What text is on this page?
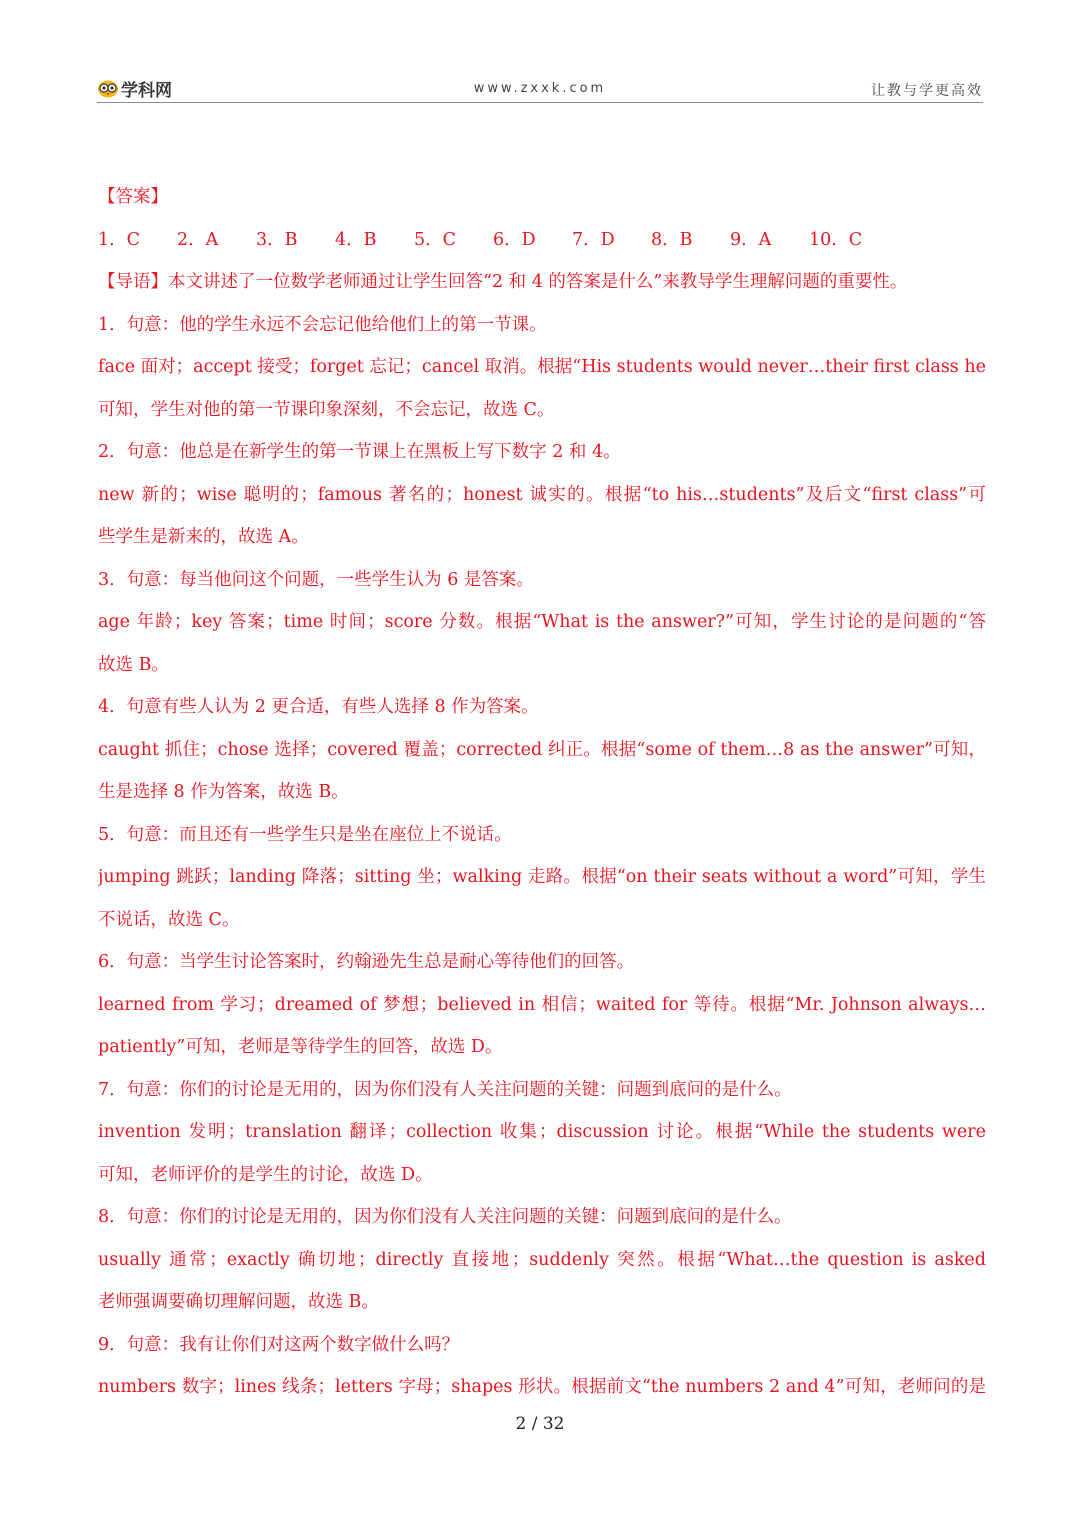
学科网	www.zxxk.com	让教与学更高效
【答案】
1．C	2．A	3．B	4．B	5．C	6．D	7．D	8．B	9．A	10．C
【导语】本文讲述了一位数学老师通过让学生回答“2 和 4 的答案是什么”来教导学生理解问题的重要性。
1．句意：他的学生永远不会忘记他给他们上的第一节课。
face 面对；accept 接受；forget 忘记；cancel 取消。根据“His students would never…their first class he
可知，学生对他的第一节课印象深刻，不会忘记，故选 C。
2．句意：他总是在新学生的第一节课上在黑板上写下数字 2 和 4。
new 新的；wise 聪明的；famous 著名的；honest 诚实的。根据“to his…students”及后文“first class”可
些学生是新来的，故选 A。
3．句意：每当他问这个问题，一些学生认为 6 是答案。
age 年龄；key 答案；time 时间；score 分数。根据“What is the answer?”可知，学生讨论的是问题的“答
故选 B。
4．句意有些人认为 2 更合适，有些人选择 8 作为答案。
caught 抓住；chose 选择；covered 覆盖；corrected 纠正。根据“some of them…8 as the answer”可知，
生是选择 8 作为答案，故选 B。
5．句意：而且还有一些学生只是坐在座位上不说话。
jumping 跳跃；landing 降落；sitting 坐；walking 走路。根据“on their seats without a word”可知，学生
不说话，故选 C。
6．句意：当学生讨论答案时，约翰逊先生总是耐心等待他们的回答。
learned from 学习；dreamed of 梦想；believed in 相信；waited for 等待。根据“Mr. Johnson always…
patiently”可知，老师是等待学生的回答，故选 D。
7．句意：你们的讨论是无用的，因为你们没有人关注问题的关键：问题到底问的是什么。
invention 发明；translation 翻译；collection 收集；discussion 讨论。根据“While the students were
可知，老师评价的是学生的讨论，故选 D。
8．句意：你们的讨论是无用的，因为你们没有人关注问题的关键：问题到底问的是什么。
usually 通常；exactly 确切地；directly 直接地；suddenly 突然。根据“What…the question is asked
老师强调要确切理解问题，故选 B。
9．句意：我有让你们对这两个数字做什么吗？
numbers 数字；lines 线条；letters 字母；shapes 形状。根据前文“the numbers 2 and 4”可知，老师问的是
2 / 32
